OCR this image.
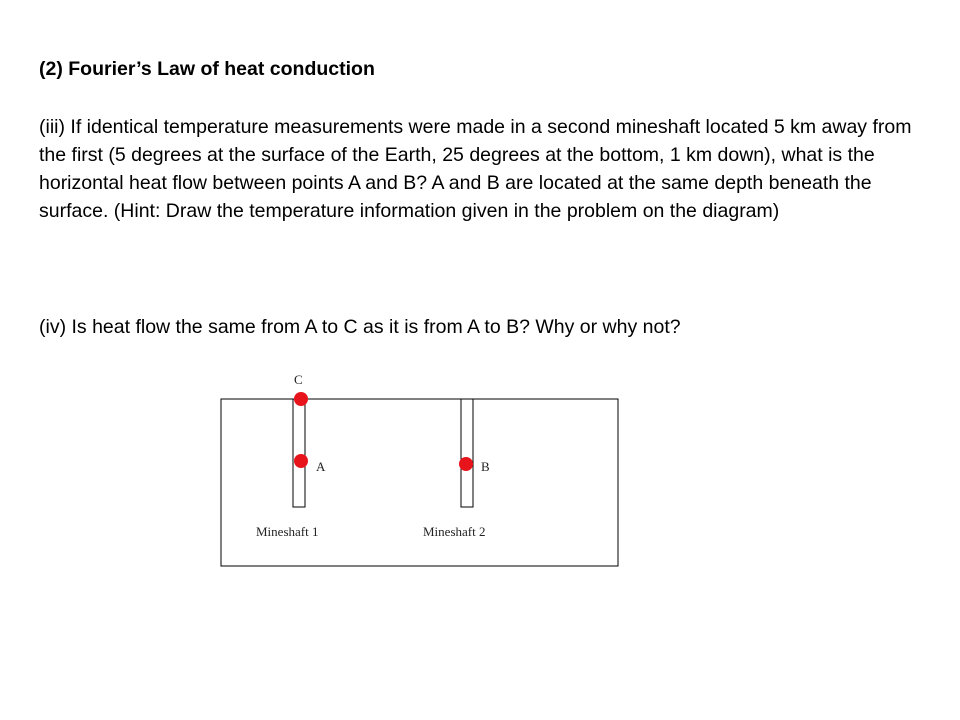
(2) Fourier’s Law of heat conduction

(iii) If identical temperature measurements were made in a second mineshaft located 5 km away from the first (5 degrees at the surface of the Earth, 25 degrees at the bottom, 1 km down), what is the horizontal heat flow between points A and B? A and B are located at the same depth beneath the surface. (Hint: Draw the temperature information given in the problem on the diagram)

(iv) Is heat flow the same from A to C as it is from A to B? Why or why not?

C
A	B
Mineshaft 1	Mineshaft 2
